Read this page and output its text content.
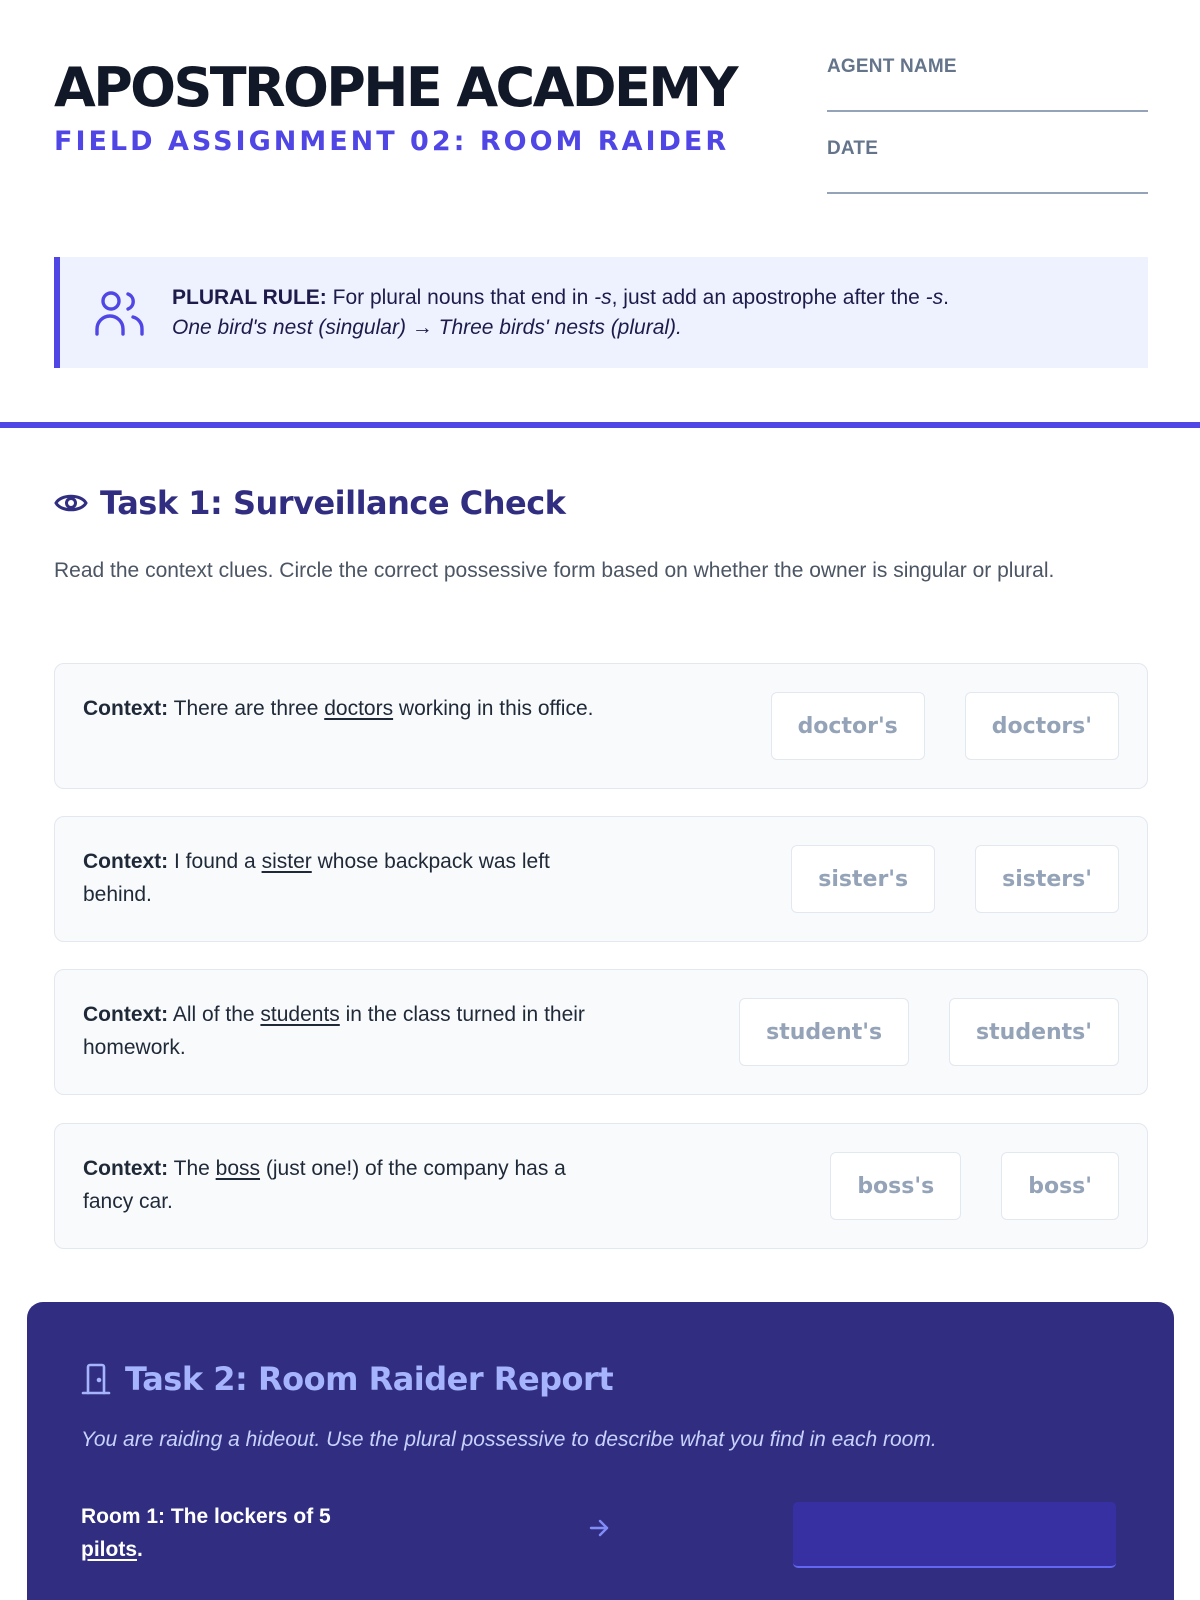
APOSTROPHE ACADEMY
FIELD ASSIGNMENT 02: ROOM RAIDER
AGENT NAME
DATE
PLURAL RULE: For plural nouns that end in -s, just add an apostrophe after the -s.
One bird's nest (singular) → Three birds' nests (plural).
Task 1: Surveillance Check

Read the context clues. Circle the correct possessive form based on whether the owner is singular or plural.

Context: There are three doctors working in this office.
doctor's	doctors'
Context: I found a sister whose backpack was left behind.
sister's	sisters'
Context: All of the students in the class turned in their homework.
student's	students'
Context: The boss (just one!) of the company has a fancy car.
boss's	boss'
Task 2: Room Raider Report

You are raiding a hideout. Use the plural possessive to describe what you find in each room.

Room 1: The lockers of 5 pilots.
